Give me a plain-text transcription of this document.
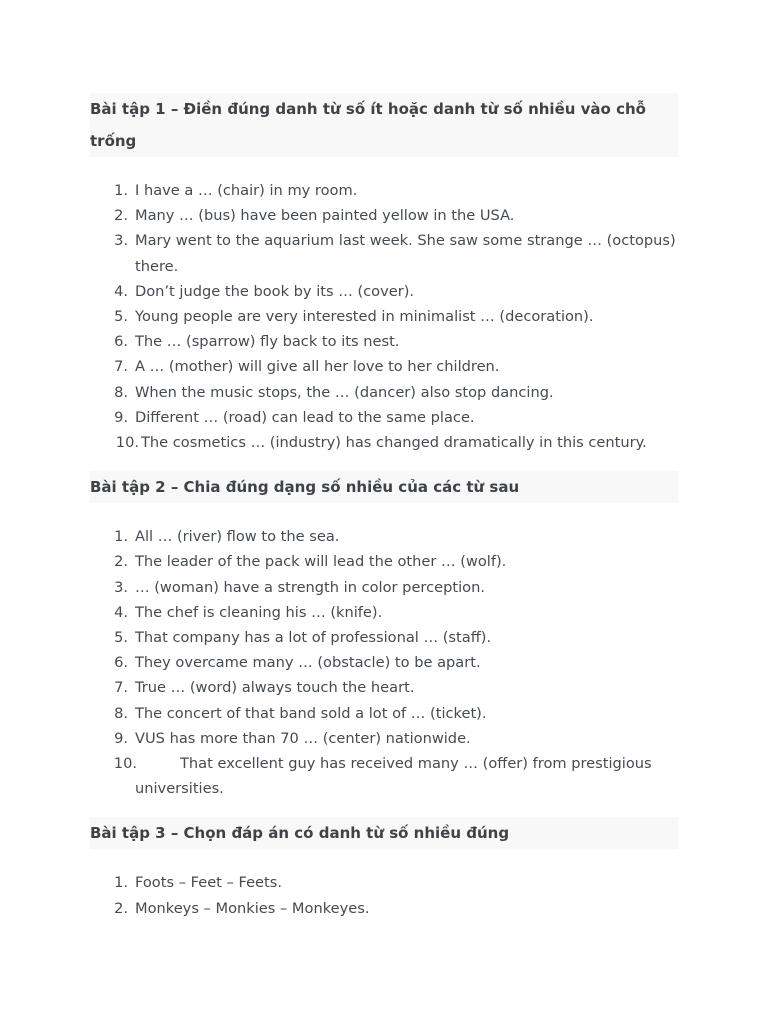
Bài tập 1 – Điền đúng danh từ số ít hoặc danh từ số nhiều vào chỗ trống
1. I have a … (chair) in my room.
2. Many … (bus) have been painted yellow in the USA.
3. Mary went to the aquarium last week. She saw some strange … (octopus) there.
4. Don’t judge the book by its … (cover).
5. Young people are very interested in minimalist … (decoration).
6. The … (sparrow) fly back to its nest.
7. A … (mother) will give all her love to her children.
8. When the music stops, the … (dancer) also stop dancing.
9. Different … (road) can lead to the same place.
10. The cosmetics … (industry) has changed dramatically in this century.
Bài tập 2 – Chia đúng dạng số nhiều của các từ sau
1. All … (river) flow to the sea.
2. The leader of the pack will lead the other … (wolf).
3. … (woman) have a strength in color perception.
4. The chef is cleaning his … (knife).
5. That company has a lot of professional … (staff).
6. They overcame many … (obstacle) to be apart.
7. True … (word) always touch the heart.
8. The concert of that band sold a lot of … (ticket).
9. VUS has more than 70 … (center) nationwide.
10.	That excellent guy has received many … (offer) from prestigious universities.
Bài tập 3 – Chọn đáp án có danh từ số nhiều đúng
1. Foots – Feet – Feets.
2. Monkeys – Monkies – Monkeyes.
